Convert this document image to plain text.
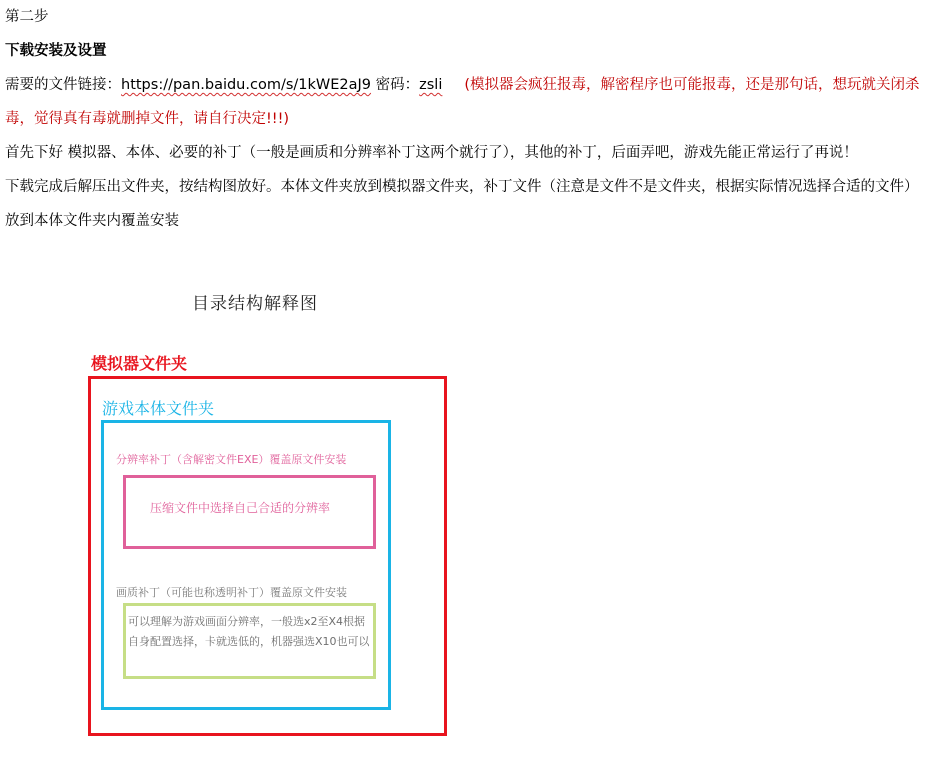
第二步
下载安装及设置
需要的文件链接：https://pan.baidu.com/s/1kWE2aJ9 密码：zsli (模拟器会疯狂报毒，解密程序也可能报毒，还是那句话，想玩就关闭杀毒，觉得真有毒就删掉文件，请自行决定!!!)
首先下好 模拟器、本体、必要的补丁（一般是画质和分辨率补丁这两个就行了），其他的补丁，后面弄吧，游戏先能正常运行了再说！
下载完成后解压出文件夹，按结构图放好。本体文件夹放到模拟器文件夹，补丁文件（注意是文件不是文件夹，根据实际情况选择合适的文件）放到本体文件夹内覆盖安装
目录结构解释图
模拟器文件夹
游戏本体文件夹
分辨率补丁（含解密文件EXE）覆盖原文件安装
压缩文件中选择自己合适的分辨率
画质补丁（可能也称透明补丁）覆盖原文件安装
可以理解为游戏画面分辨率，一般选x2至X4根据自身配置选择，卡就选低的，机器强选X10也可以
